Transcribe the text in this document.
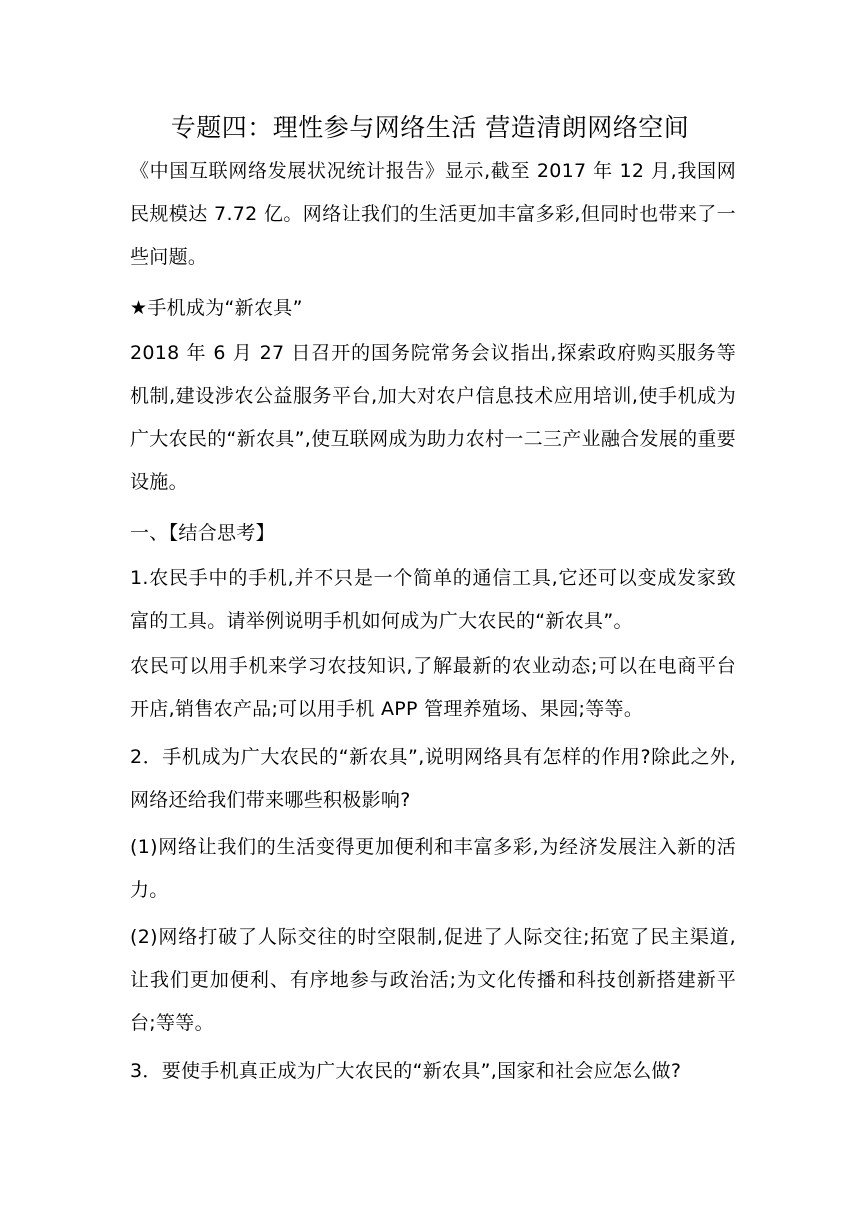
专题四：理性参与网络生活 营造清朗网络空间

《中国互联网络发展状况统计报告》显示,截至 2017 年 12 月,我国网民规模达 7.72 亿。网络让我们的生活更加丰富多彩,但同时也带来了一些问题。

★手机成为“新农具”

2018 年 6 月 27 日召开的国务院常务会议指出,探索政府购买服务等机制,建设涉农公益服务平台,加大对农户信息技术应用培训,使手机成为广大农民的“新农具”,使互联网成为助力农村一二三产业融合发展的重要设施。

一、【结合思考】

1.农民手中的手机,并不只是一个简单的通信工具,它还可以变成发家致富的工具。请举例说明手机如何成为广大农民的“新农具”。

农民可以用手机来学习农技知识,了解最新的农业动态;可以在电商平台开店,销售农产品;可以用手机 APP 管理养殖场、果园;等等。

2．手机成为广大农民的“新农具”,说明网络具有怎样的作用?除此之外,网络还给我们带来哪些积极影响?

(1)网络让我们的生活变得更加便利和丰富多彩,为经济发展注入新的活力。

(2)网络打破了人际交往的时空限制,促进了人际交往;拓宽了民主渠道,让我们更加便利、有序地参与政治活;为文化传播和科技创新搭建新平台;等等。

3．要使手机真正成为广大农民的“新农具”,国家和社会应怎么做?
